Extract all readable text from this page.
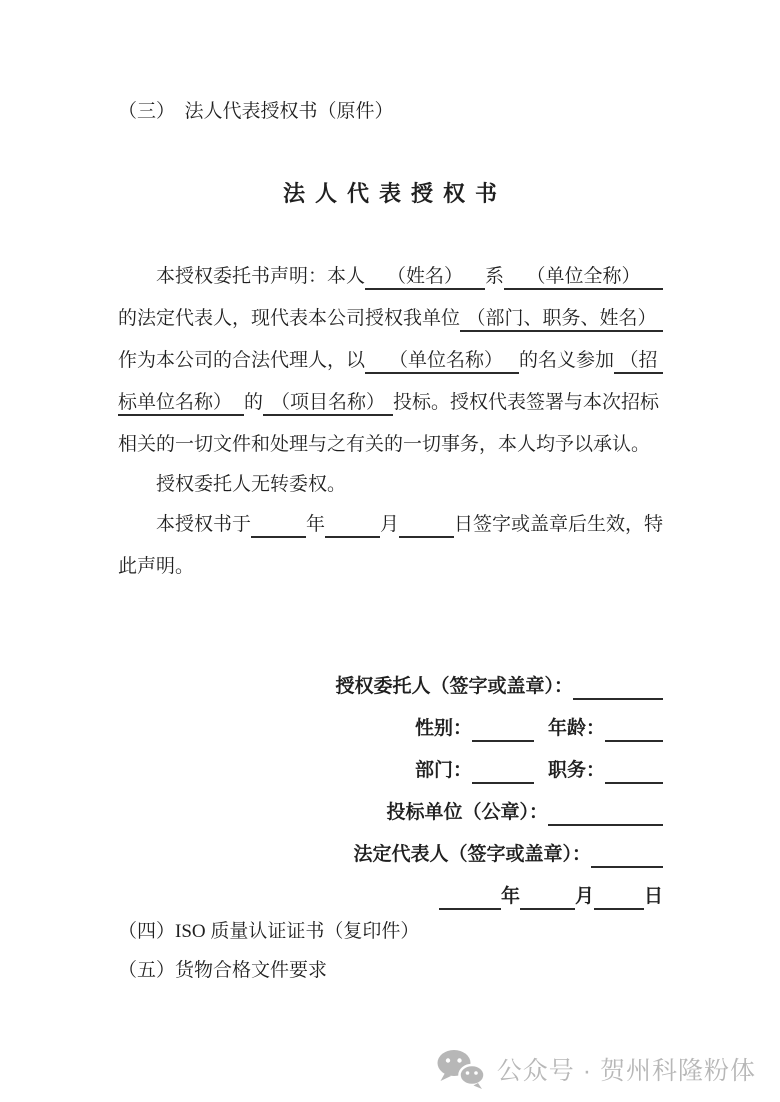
（三）　法人代表授权书（原件）
法人代表授权书
本授权委托书声明：本人	（姓名）	系	（单位全称）
的法定代表人，现代表本公司授权我单位 （部门、职务、姓名）
作为本公司的合法代理人，以	（单位名称） 的名义参加 （招
标单位名称） 的 （项目名称） 投标。授权代表签署与本次招标
相关的一切文件和处理与之有关的一切事务，本人均予以承认。
授权委托人无转委权。
本授权书于 ​	年 ​	月 ​	日签字或盖章后生效，特
此声明。
授权委托人（签字或盖章）：
​
性别： ​	年龄：
​
部门： ​	职务：
​
投标单位（公章）：
​
法定代表人（签字或盖章）：
​
​
年 ​	月 ​	日
（四）ISO 质量认证证书（复印件）
（五）货物合格文件要求
公众号 · 贺州科隆粉体
